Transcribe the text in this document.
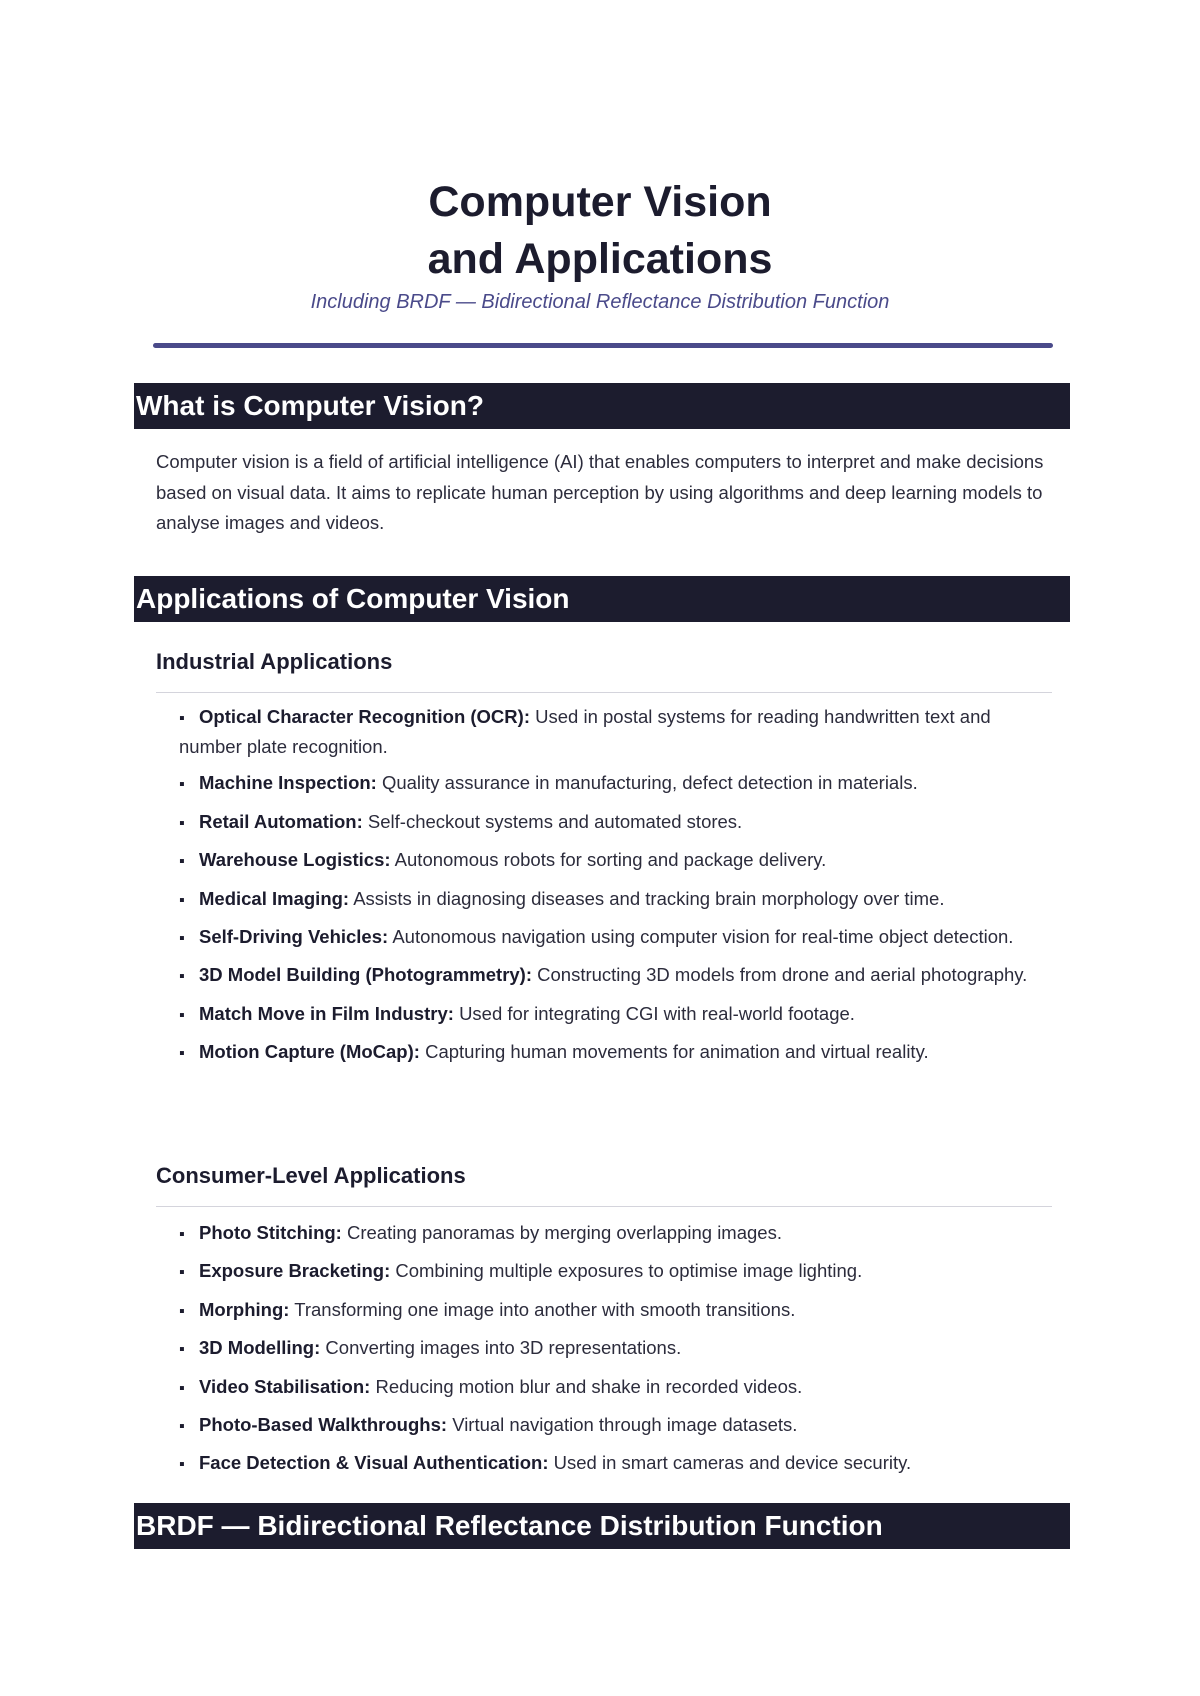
Computer Vision
and Applications
Including BRDF — Bidirectional Reflectance Distribution Function
What is Computer Vision?
Computer vision is a field of artificial intelligence (AI) that enables computers to interpret and make decisions based on visual data. It aims to replicate human perception by using algorithms and deep learning models to analyse images and videos.
Applications of Computer Vision
Industrial Applications
▪ Optical Character Recognition (OCR): Used in postal systems for reading handwritten text and number plate recognition.
▪ Machine Inspection: Quality assurance in manufacturing, defect detection in materials.
▪ Retail Automation: Self-checkout systems and automated stores.
▪ Warehouse Logistics: Autonomous robots for sorting and package delivery.
▪ Medical Imaging: Assists in diagnosing diseases and tracking brain morphology over time.
▪ Self-Driving Vehicles: Autonomous navigation using computer vision for real-time object detection.
▪ 3D Model Building (Photogrammetry): Constructing 3D models from drone and aerial photography.
▪ Match Move in Film Industry: Used for integrating CGI with real-world footage.
▪ Motion Capture (MoCap): Capturing human movements for animation and virtual reality.
Consumer-Level Applications
▪ Photo Stitching: Creating panoramas by merging overlapping images.
▪ Exposure Bracketing: Combining multiple exposures to optimise image lighting.
▪ Morphing: Transforming one image into another with smooth transitions.
▪ 3D Modelling: Converting images into 3D representations.
▪ Video Stabilisation: Reducing motion blur and shake in recorded videos.
▪ Photo-Based Walkthroughs: Virtual navigation through image datasets.
▪ Face Detection & Visual Authentication: Used in smart cameras and device security.
BRDF — Bidirectional Reflectance Distribution Function
